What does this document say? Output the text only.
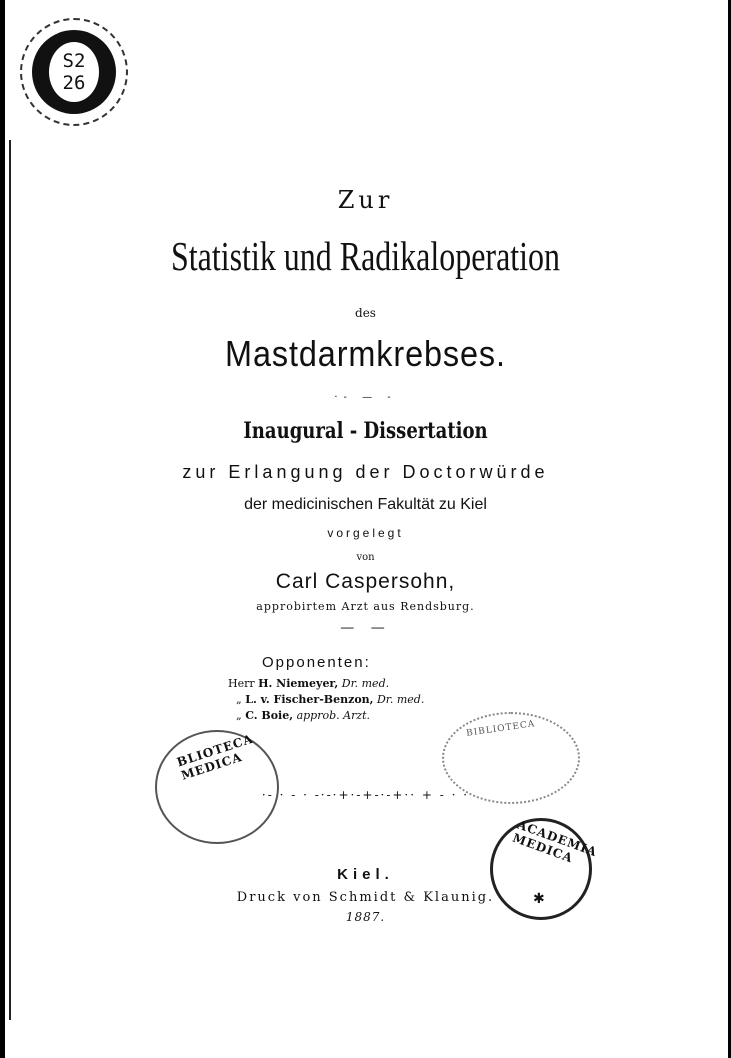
S2
26
Zur
Statistik und Radikaloperation
des
Mastdarmkrebses.
·- — -
Inaugural - Dissertation
zur Erlangung der Doctorwürde
der medicinischen Fakultät zu Kiel
vorgelegt
von
Carl Caspersohn,
approbirtem Arzt aus Rendsburg.
— —
Opponenten:
Herr H. Niemeyer, Dr. med.
„ L. v. Fischer-Benzon, Dr. med.
„ C. Boie, approb. Arzt.
BLIOTECA MEDICA
BIBLIOTECA
·- · - · -·-·+·-+-·-+·· + - · ·
ACADEMIA MEDICA
✱
Kiel.
Druck von Schmidt & Klaunig.
1887.
